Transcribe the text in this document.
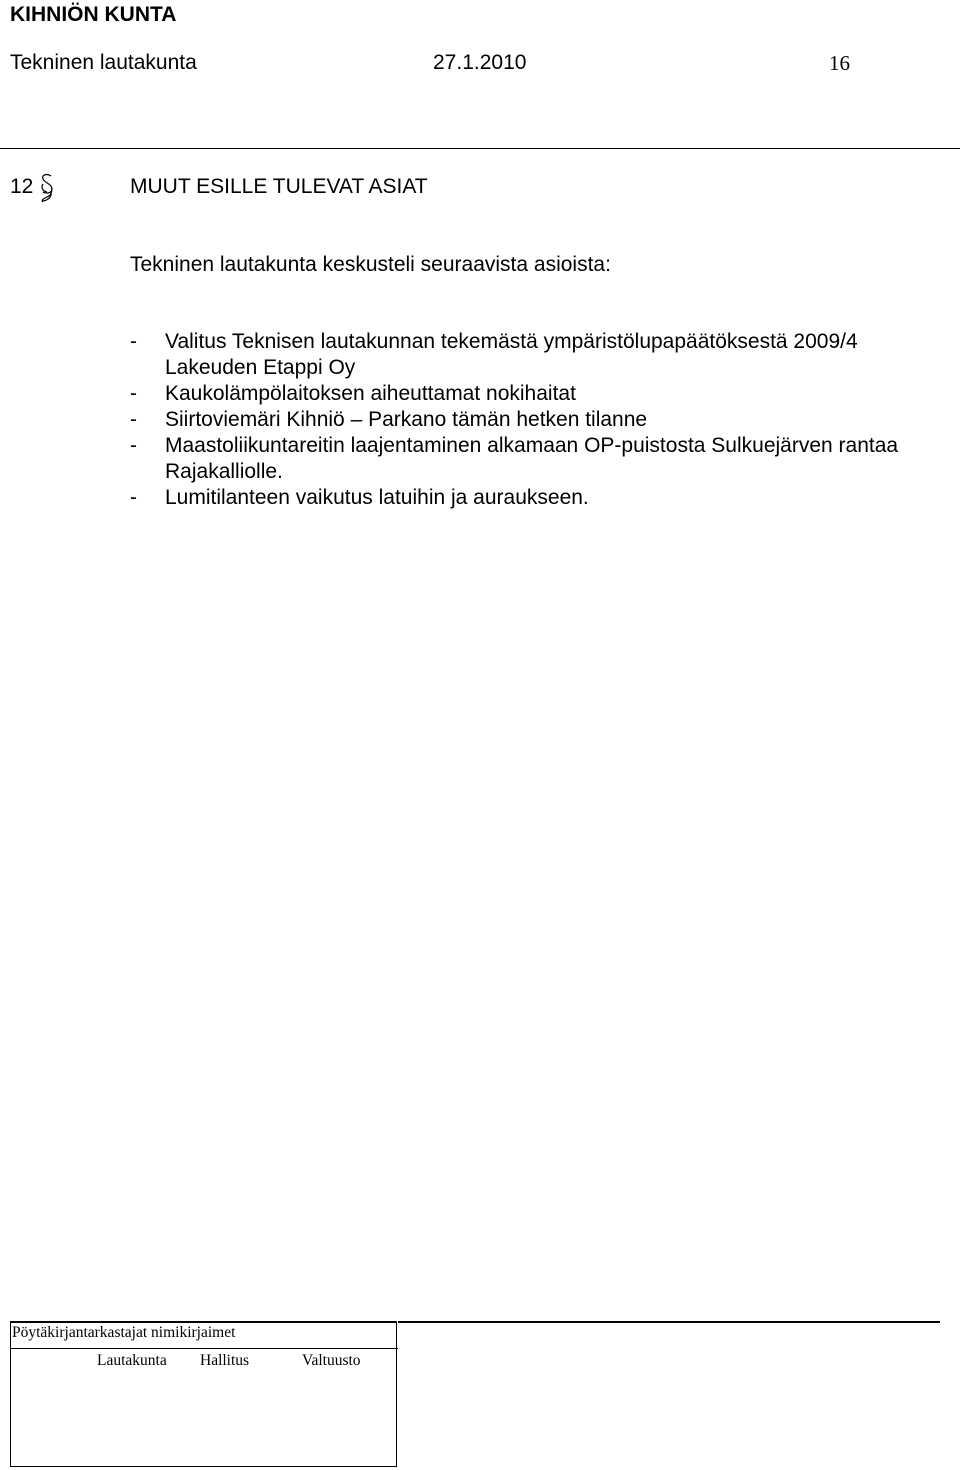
KIHNIÖN KUNTA
Tekninen lautakunta	27.1.2010	16
12	MUUT ESILLE TULEVAT ASIAT
Tekninen lautakunta keskusteli seuraavista asioista:
- Valitus Teknisen lautakunnan tekemästä ympäristölupapäätöksestä 2009/4
Lakeuden Etappi Oy
- Kaukolämpölaitoksen aiheuttamat nokihaitat
- Siirtoviemäri Kihniö – Parkano tämän hetken tilanne
- Maastoliikuntareitin laajentaminen alkamaan OP-puistosta Sulkuejärven rantaa
Rajakalliolle.
- Lumitilanteen vaikutus latuihin ja auraukseen.
Pöytäkirjantarkastajat nimikirjaimet
Lautakunta Hallitus	Valtuusto
